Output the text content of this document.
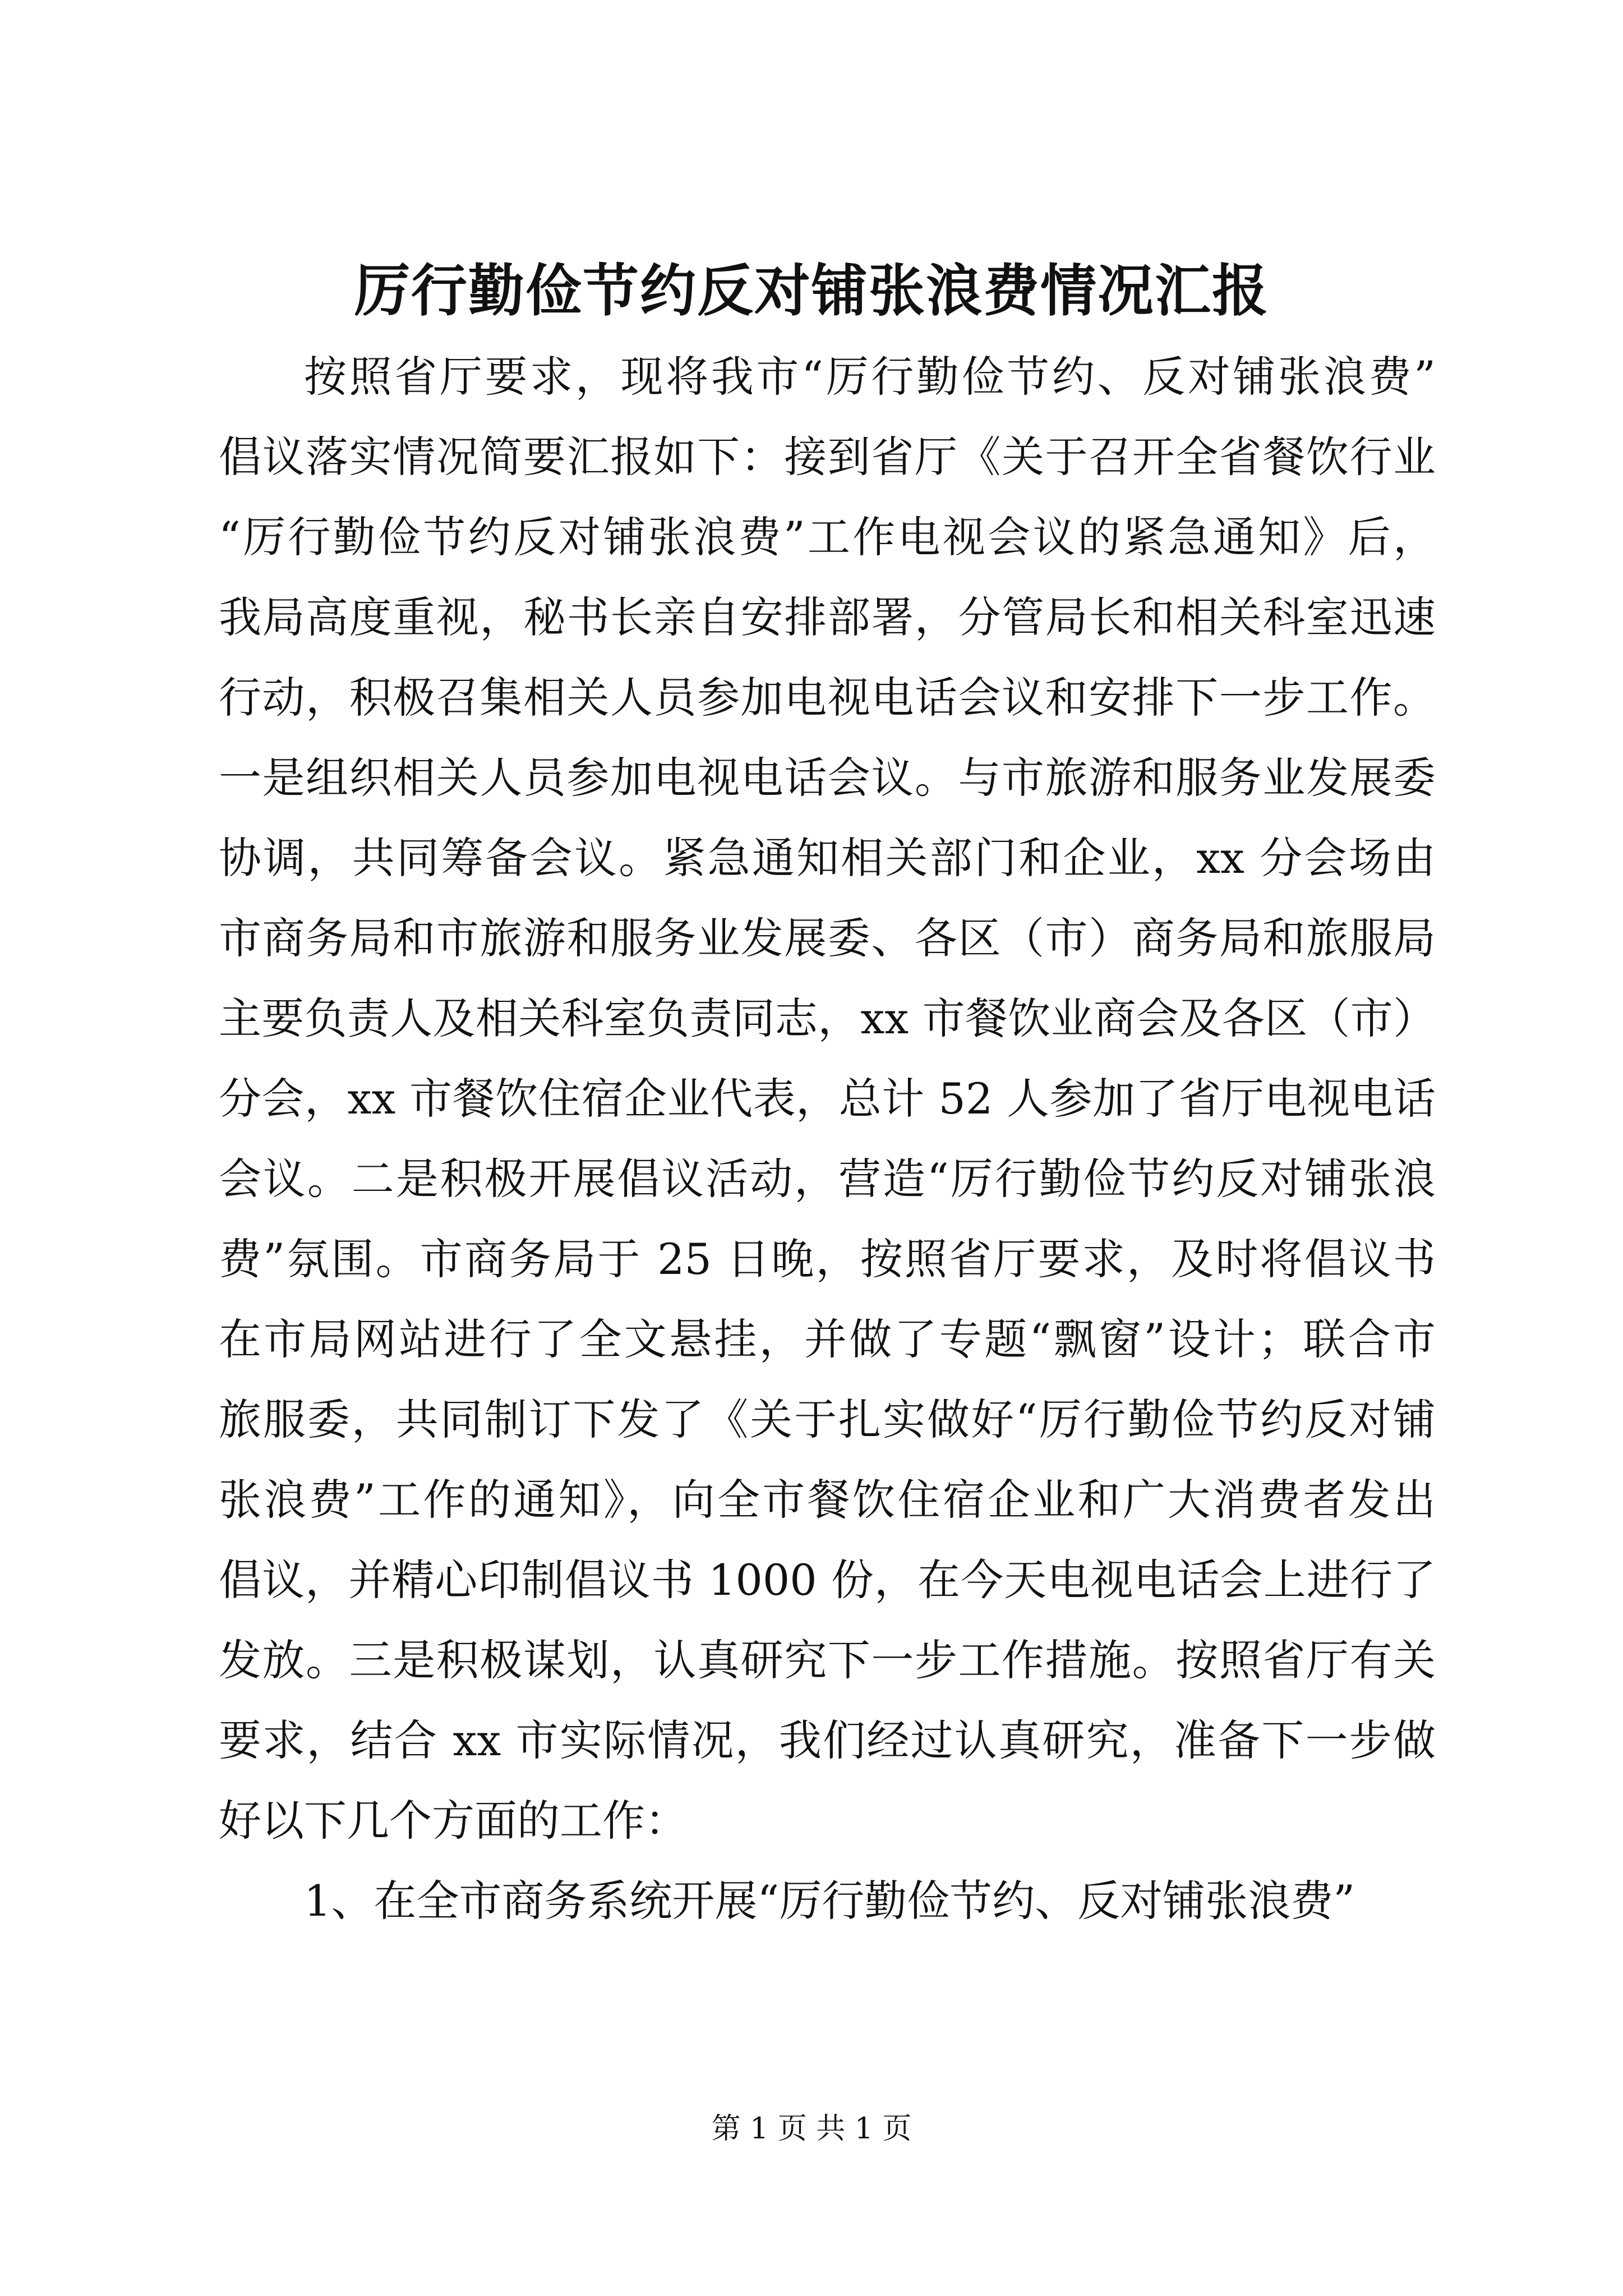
厉行勤俭节约反对铺张浪费情况汇报
按照省厅要求，现将我市“厉行勤俭节约、反对铺张浪费”
倡议落实情况简要汇报如下：接到省厅《关于召开全省餐饮行业
“厉行勤俭节约反对铺张浪费”工作电视会议的紧急通知》后，
我局高度重视，秘书长亲自安排部署，分管局长和相关科室迅速
行动，积极召集相关人员参加电视电话会议和安排下一步工作。
一是组织相关人员参加电视电话会议。与市旅游和服务业发展委
协调，共同筹备会议。紧急通知相关部门和企业，xx 分会场由
市商务局和市旅游和服务业发展委、各区（市）商务局和旅服局
主要负责人及相关科室负责同志，xx 市餐饮业商会及各区（市）
分会，xx 市餐饮住宿企业代表，总计 52 人参加了省厅电视电话
会议。二是积极开展倡议活动，营造“厉行勤俭节约反对铺张浪
费”氛围。市商务局于 25 日晚，按照省厅要求，及时将倡议书
在市局网站进行了全文悬挂，并做了专题“飘窗”设计；联合市
旅服委，共同制订下发了《关于扎实做好“厉行勤俭节约反对铺
张浪费”工作的通知》，向全市餐饮住宿企业和广大消费者发出
倡议，并精心印制倡议书 1000 份，在今天电视电话会上进行了
发放。三是积极谋划，认真研究下一步工作措施。按照省厅有关
要求，结合 xx 市实际情况，我们经过认真研究，准备下一步做
好以下几个方面的工作：
1、在全市商务系统开展“厉行勤俭节约、反对铺张浪费”
第 1 页 共 1 页
